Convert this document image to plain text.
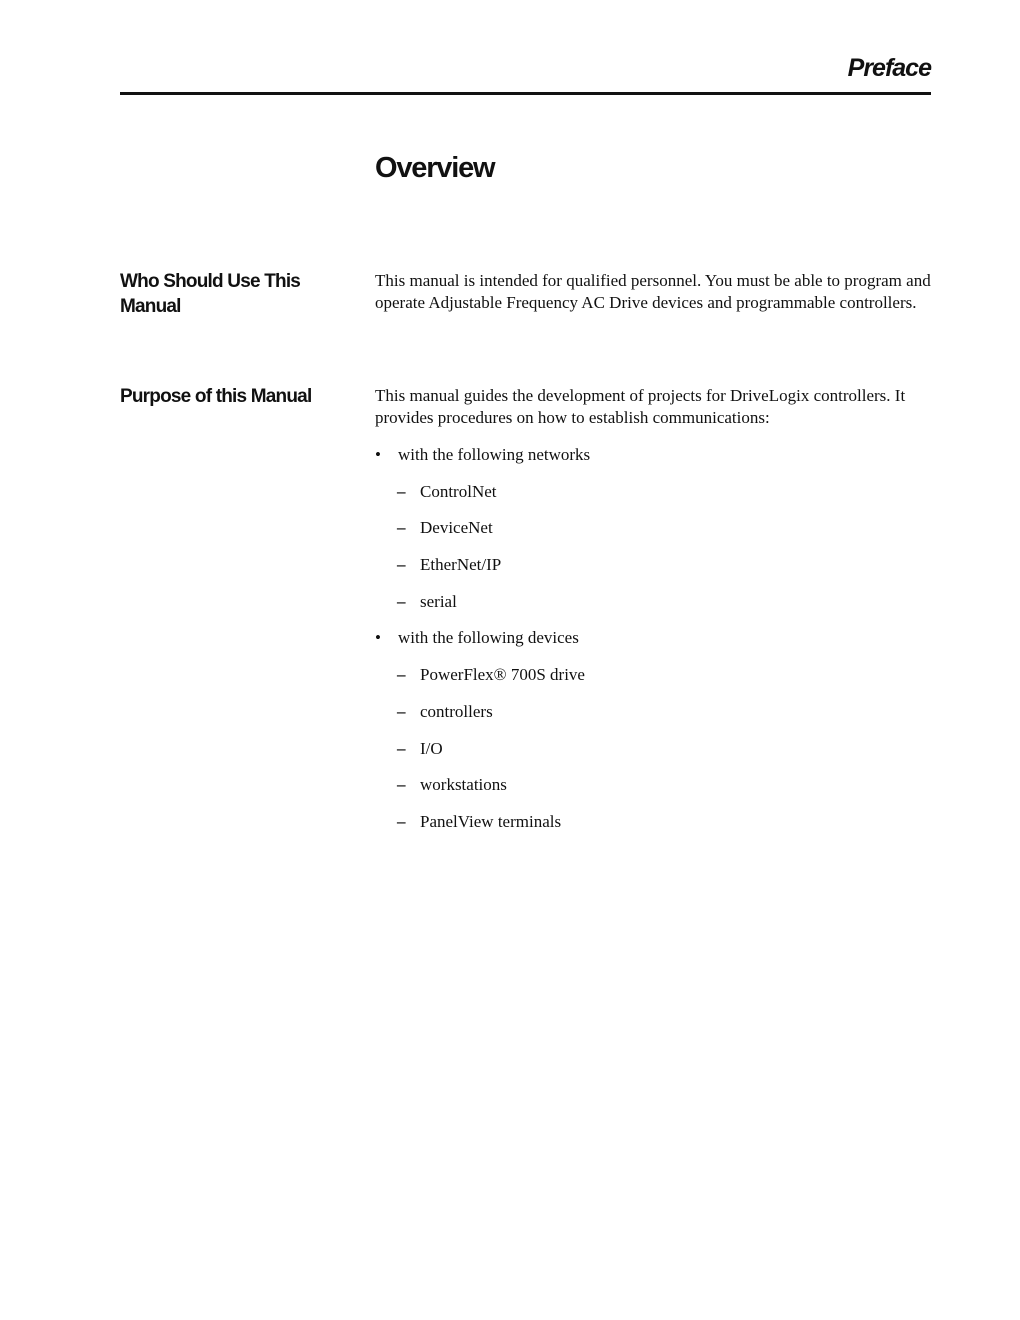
Preface
Overview
Who Should Use This Manual

This manual is intended for qualified personnel. You must be able to program and operate Adjustable Frequency AC Drive devices and programmable controllers.

Purpose of this Manual	This manual guides the development of projects for DriveLogix controllers. It provides procedures on how to establish communications:

• with the following networks
– ControlNet
– DeviceNet
– EtherNet/IP
– serial
• with the following devices
– PowerFlex® 700S drive
– controllers
– I/O
– workstations
– PanelView terminals
